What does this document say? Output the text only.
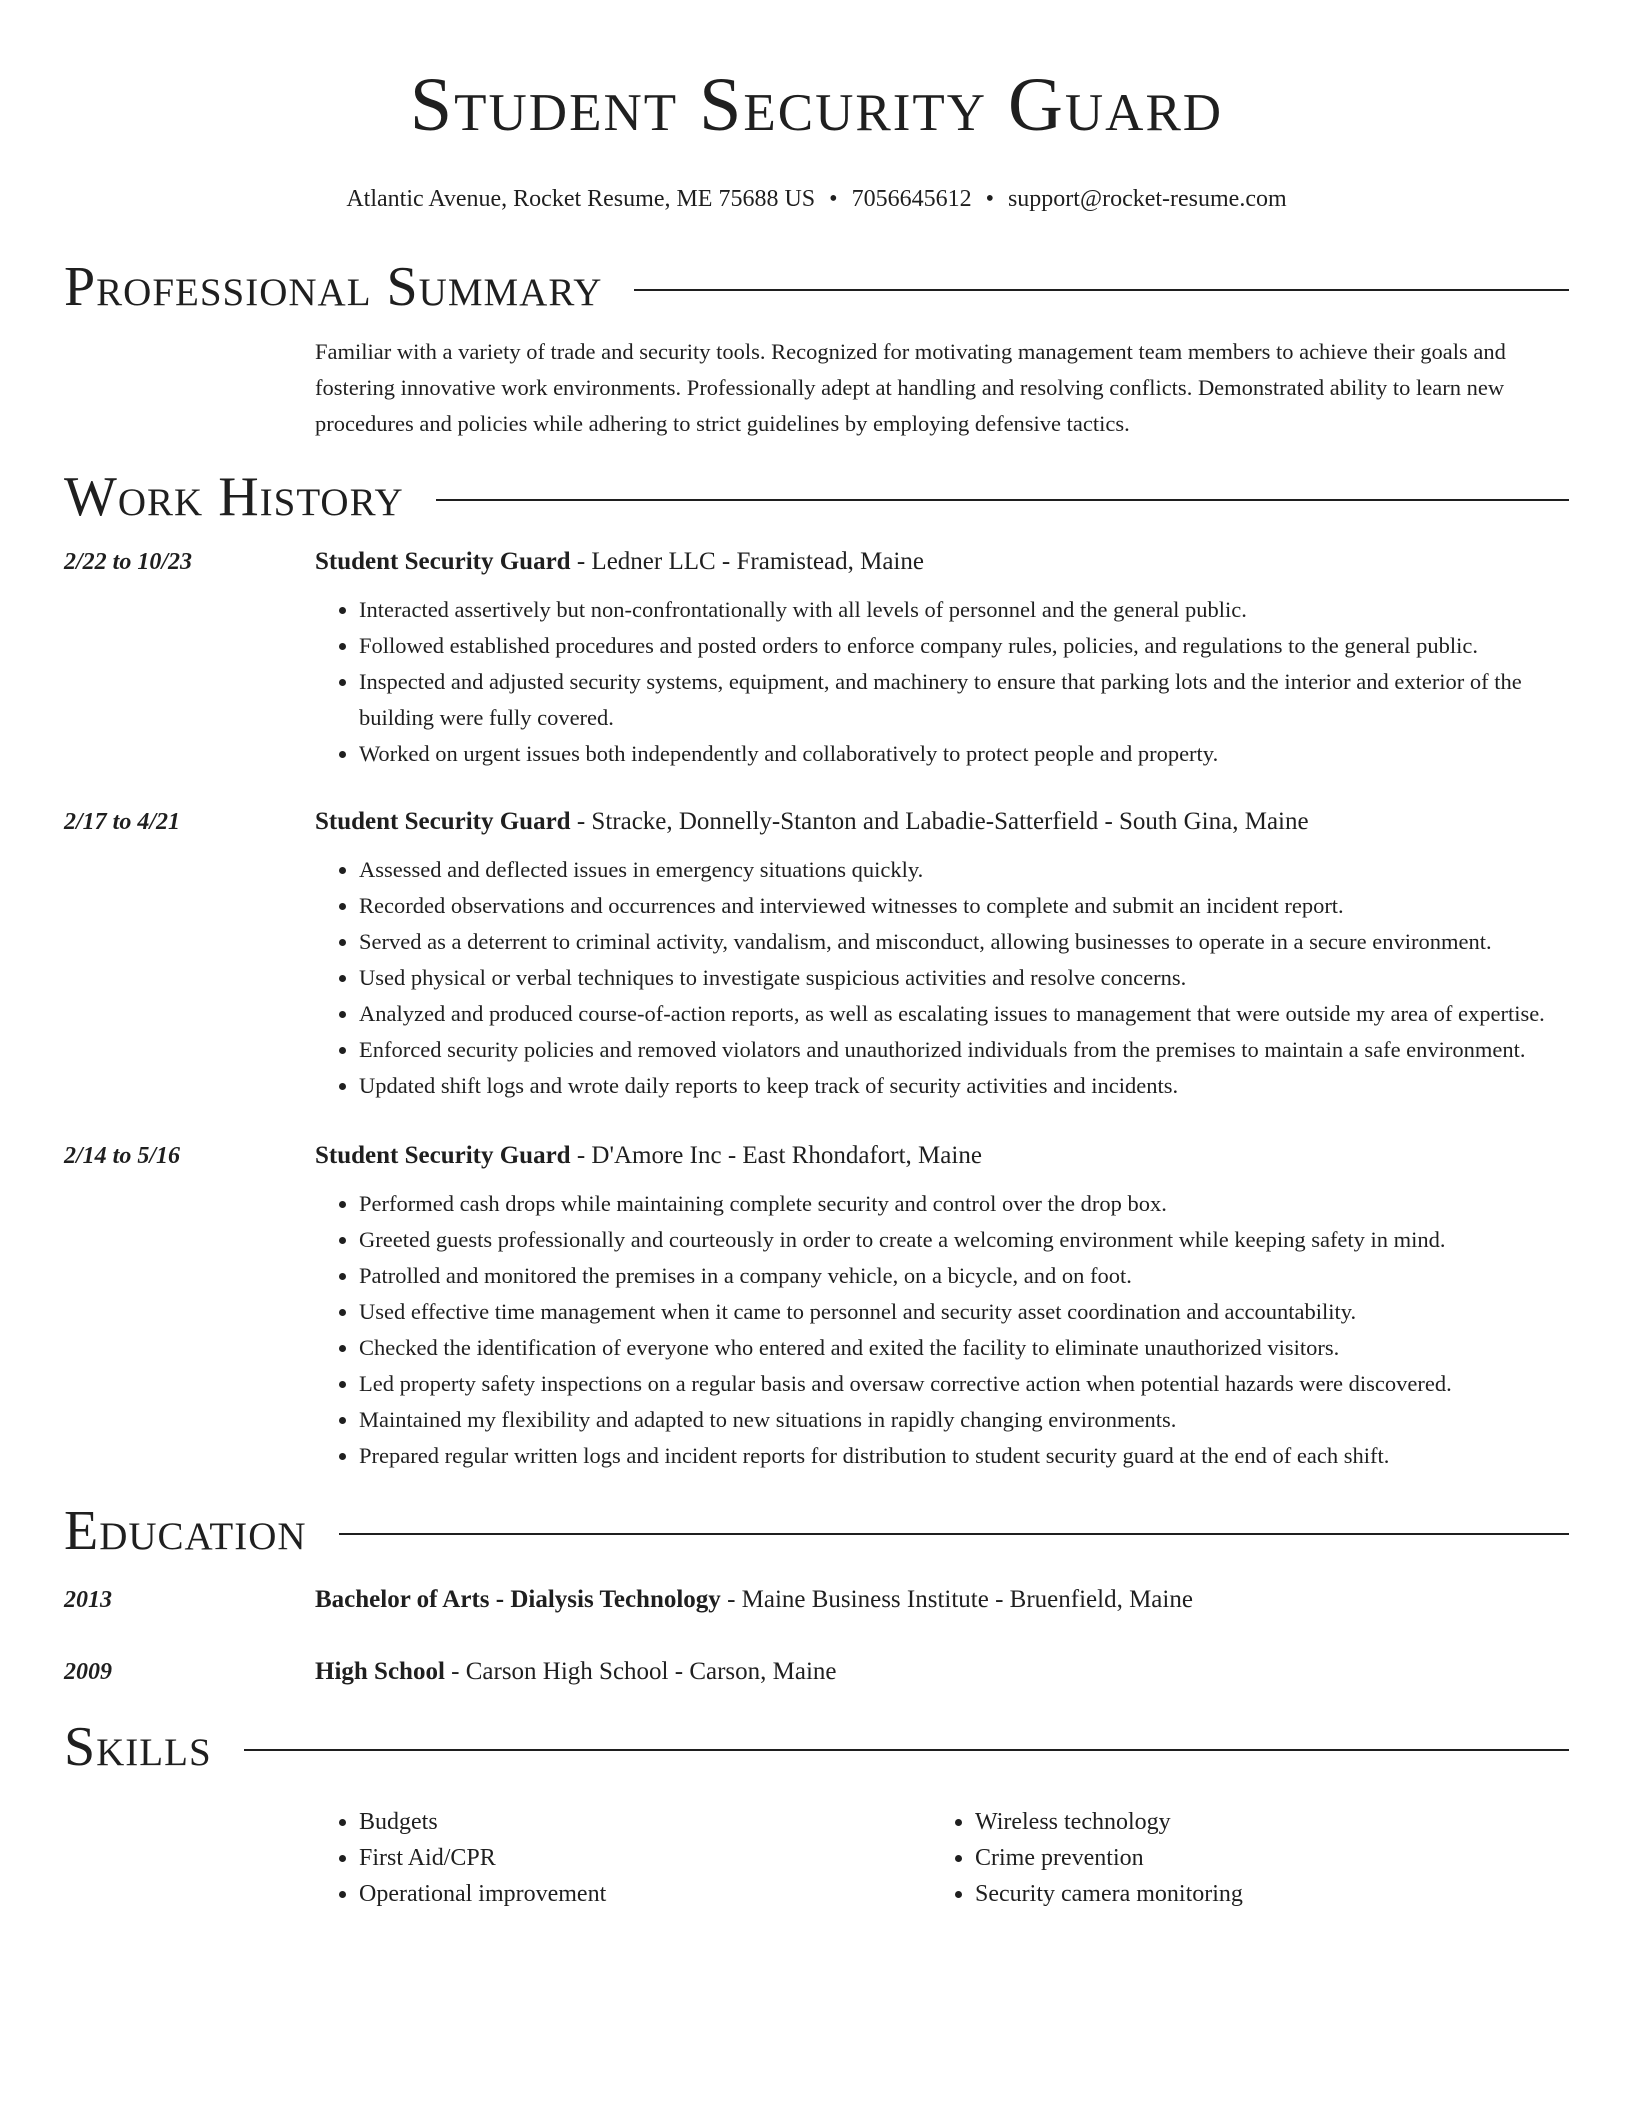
Student Security Guard
Atlantic Avenue, Rocket Resume, ME 75688 US • 7056645612 • support@rocket-resume.com
Professional Summary
Familiar with a variety of trade and security tools. Recognized for motivating management team members to achieve their goals and fostering innovative work environments. Professionally adept at handling and resolving conflicts. Demonstrated ability to learn new procedures and policies while adhering to strict guidelines by employing defensive tactics.
Work History
2/22 to 10/23	Student Security Guard - Ledner LLC - Framistead, Maine
• Interacted assertively but non-confrontationally with all levels of personnel and the general public.
• Followed established procedures and posted orders to enforce company rules, policies, and regulations to the general public.
• Inspected and adjusted security systems, equipment, and machinery to ensure that parking lots and the interior and exterior of the building were fully covered.
• Worked on urgent issues both independently and collaboratively to protect people and property.
2/17 to 4/21	Student Security Guard - Stracke, Donnelly-Stanton and Labadie-Satterfield - South Gina, Maine
• Assessed and deflected issues in emergency situations quickly.
• Recorded observations and occurrences and interviewed witnesses to complete and submit an incident report.
• Served as a deterrent to criminal activity, vandalism, and misconduct, allowing businesses to operate in a secure environment.
• Used physical or verbal techniques to investigate suspicious activities and resolve concerns.
• Analyzed and produced course-of-action reports, as well as escalating issues to management that were outside my area of expertise.
• Enforced security policies and removed violators and unauthorized individuals from the premises to maintain a safe environment.
• Updated shift logs and wrote daily reports to keep track of security activities and incidents.
2/14 to 5/16	Student Security Guard - D'Amore Inc - East Rhondafort, Maine
• Performed cash drops while maintaining complete security and control over the drop box.
• Greeted guests professionally and courteously in order to create a welcoming environment while keeping safety in mind.
• Patrolled and monitored the premises in a company vehicle, on a bicycle, and on foot.
• Used effective time management when it came to personnel and security asset coordination and accountability.
• Checked the identification of everyone who entered and exited the facility to eliminate unauthorized visitors.
• Led property safety inspections on a regular basis and oversaw corrective action when potential hazards were discovered.
• Maintained my flexibility and adapted to new situations in rapidly changing environments.
• Prepared regular written logs and incident reports for distribution to student security guard at the end of each shift.
Education
2013	Bachelor of Arts - Dialysis Technology - Maine Business Institute - Bruenfield, Maine
2009	High School - Carson High School - Carson, Maine
Skills
• Budgets
• First Aid/CPR
• Operational improvement
• Wireless technology
• Crime prevention
• Security camera monitoring
